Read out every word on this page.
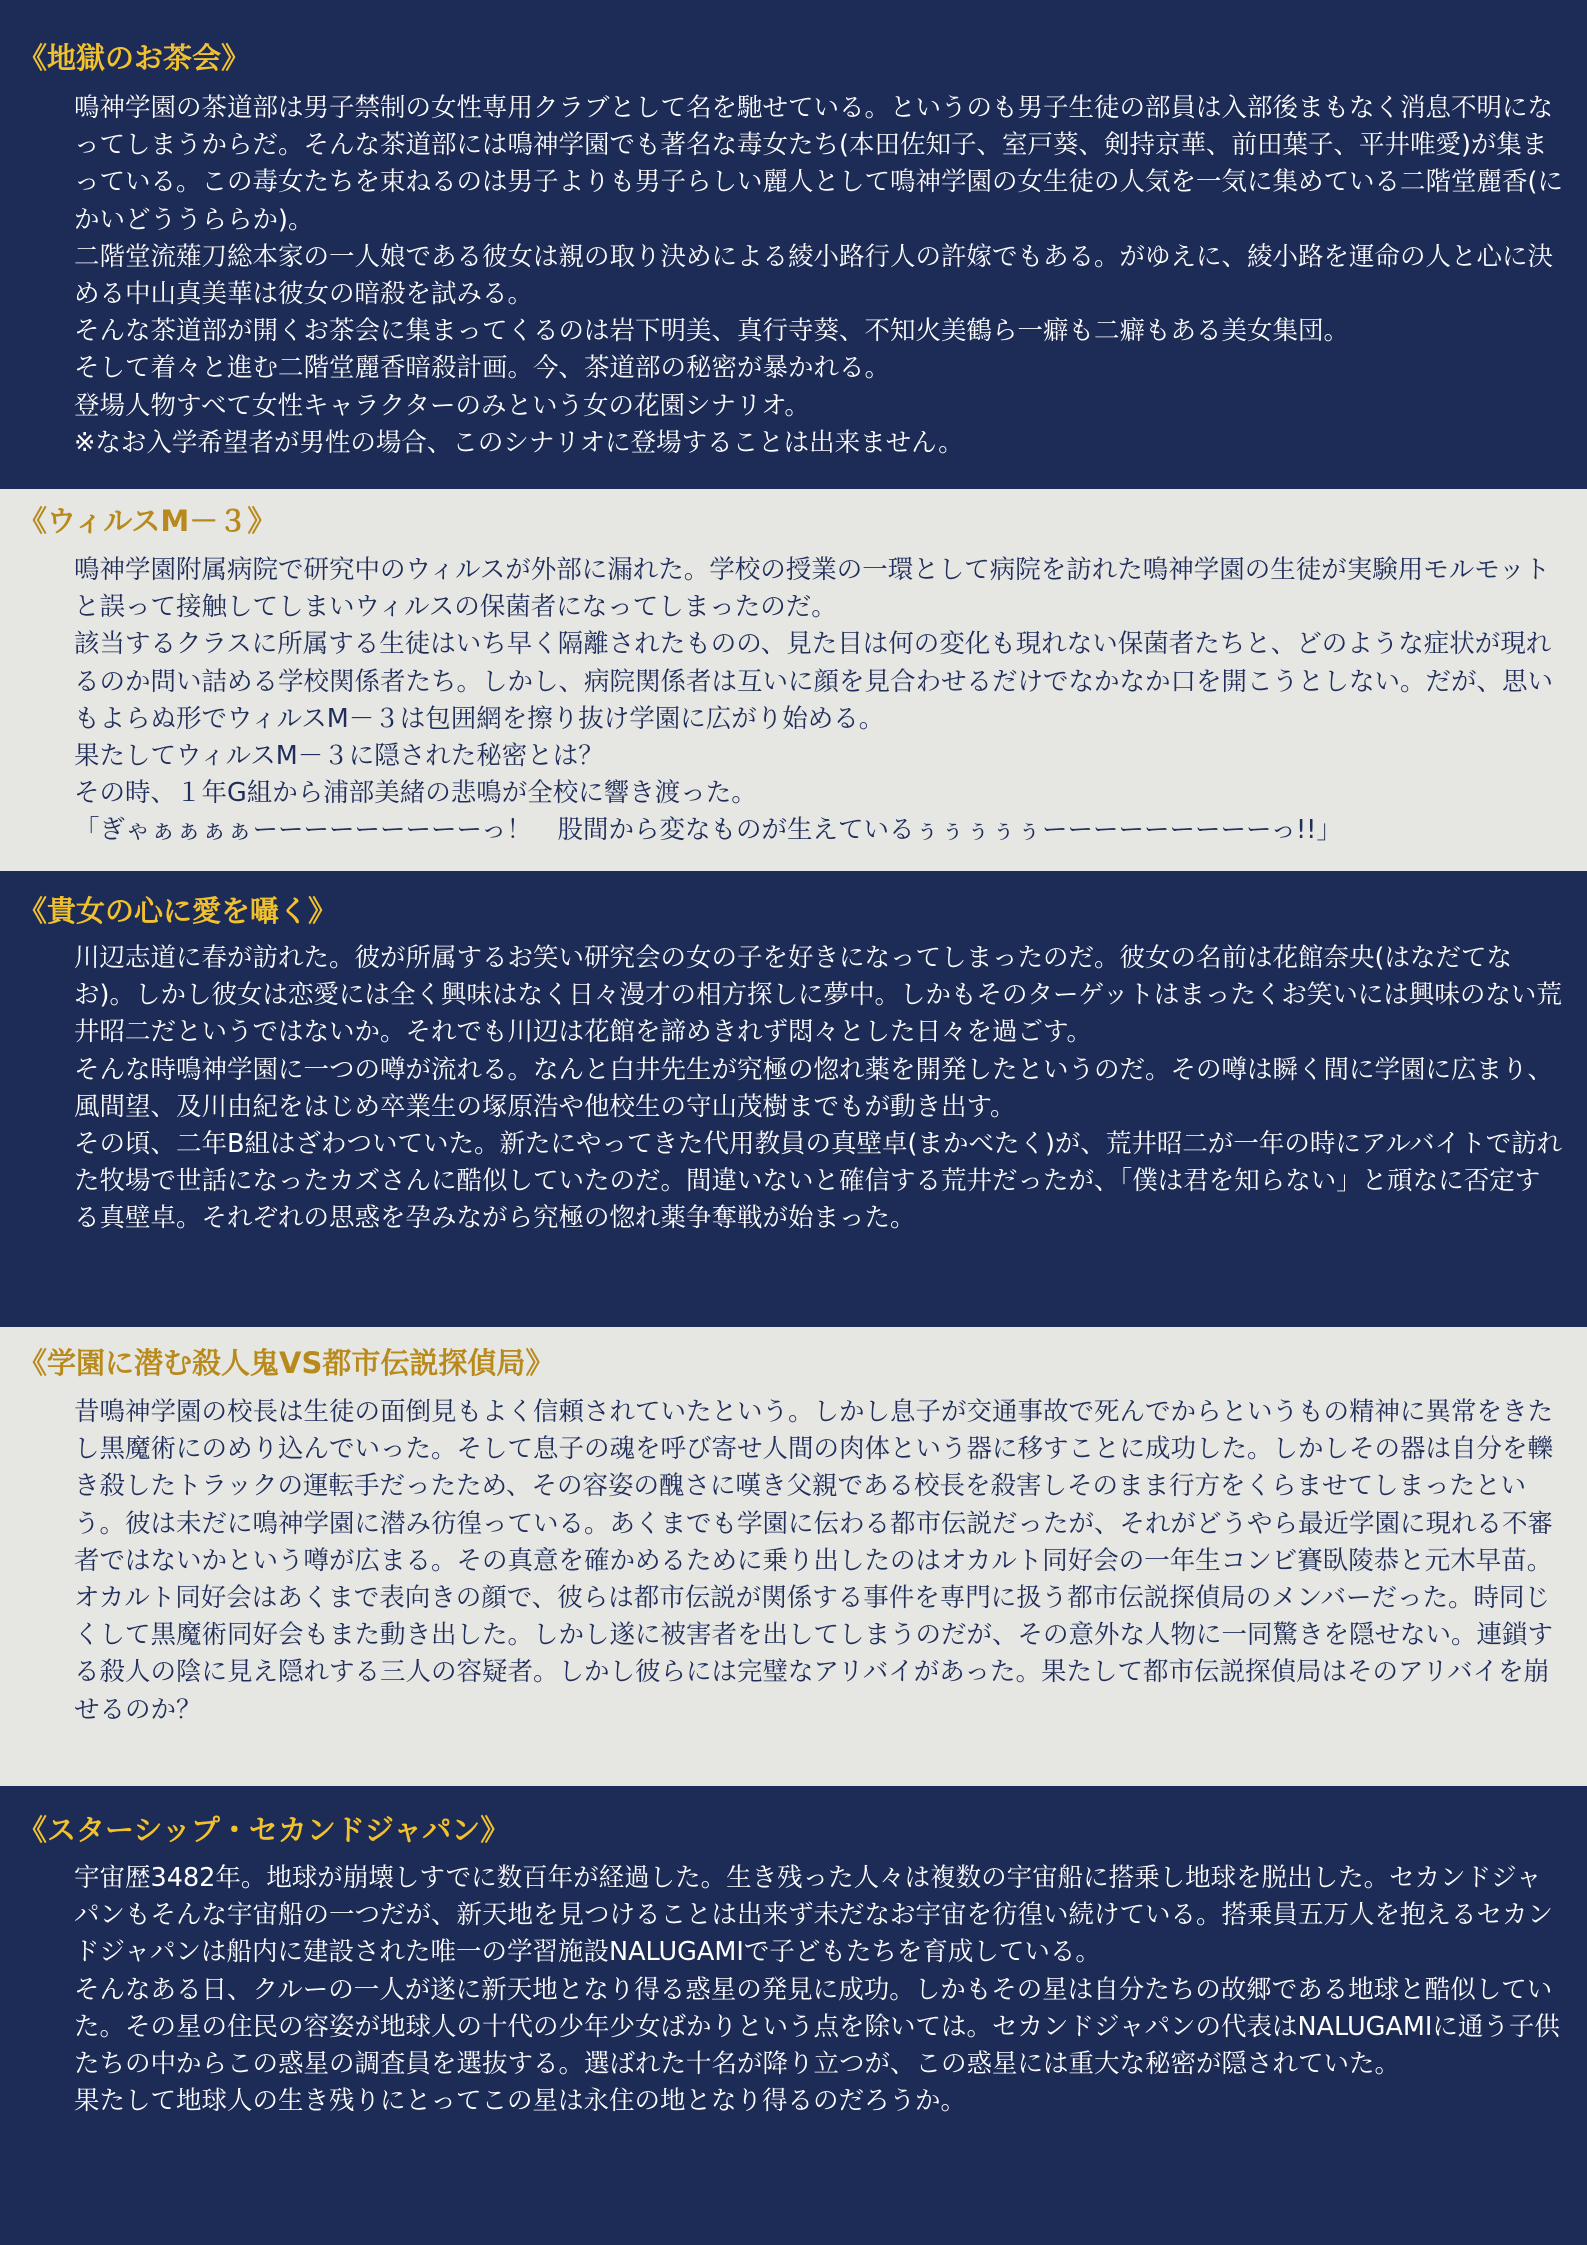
《地獄のお茶会》

鳴神学園の茶道部は男子禁制の女性専用クラブとして名を馳せている。というのも男子生徒の部員は入部後まもなく消息不明になってしまうからだ。そんな茶道部には鳴神学園でも著名な毒女たち(本田佐知子、室戸葵、剣持京華、前田葉子、平井唯愛)が集まっている。この毒女たちを束ねるのは男子よりも男子らしい麗人として鳴神学園の女生徒の人気を一気に集めている二階堂麗香(にかいどううららか)。

二階堂流薙刀総本家の一人娘である彼女は親の取り決めによる綾小路行人の許嫁でもある。がゆえに、綾小路を運命の人と心に決める中山真美華は彼女の暗殺を試みる。

そんな茶道部が開くお茶会に集まってくるのは岩下明美、真行寺葵、不知火美鶴ら一癖も二癖もある美女集団。

そして着々と進む二階堂麗香暗殺計画。今、茶道部の秘密が暴かれる。

登場人物すべて女性キャラクターのみという女の花園シナリオ。

※なお入学希望者が男性の場合、このシナリオに登場することは出来ません。

《ウィルスM－３》

鳴神学園附属病院で研究中のウィルスが外部に漏れた。学校の授業の一環として病院を訪れた鳴神学園の生徒が実験用モルモットと誤って接触してしまいウィルスの保菌者になってしまったのだ。

該当するクラスに所属する生徒はいち早く隔離されたものの、見た目は何の変化も現れない保菌者たちと、どのような症状が現れるのか問い詰める学校関係者たち。しかし、病院関係者は互いに顔を見合わせるだけでなかなか口を開こうとしない。だが、思いもよらぬ形でウィルスM－３は包囲網を擦り抜け学園に広がり始める。

果たしてウィルスM－３に隠された秘密とは？

その時、１年G組から浦部美緒の悲鳴が全校に響き渡った。

「ぎゃぁぁぁぁーーーーーーーーーっ！　股間から変なものが生えているぅぅぅぅぅーーーーーーーーーっ!!」

《貴女の心に愛を囁く》

川辺志道に春が訪れた。彼が所属するお笑い研究会の女の子を好きになってしまったのだ。彼女の名前は花館奈央(はなだてなお)。しかし彼女は恋愛には全く興味はなく日々漫才の相方探しに夢中。しかもそのターゲットはまったくお笑いには興味のない荒井昭二だというではないか。それでも川辺は花館を諦めきれず悶々とした日々を過ごす。

そんな時鳴神学園に一つの噂が流れる。なんと白井先生が究極の惚れ薬を開発したというのだ。その噂は瞬く間に学園に広まり、風間望、及川由紀をはじめ卒業生の塚原浩や他校生の守山茂樹までもが動き出す。

その頃、二年B組はざわついていた。新たにやってきた代用教員の真壁卓(まかべたく)が、荒井昭二が一年の時にアルバイトで訪れた牧場で世話になったカズさんに酷似していたのだ。間違いないと確信する荒井だったが、「僕は君を知らない」と頑なに否定する真壁卓。それぞれの思惑を孕みながら究極の惚れ薬争奪戦が始まった。

《学園に潜む殺人鬼VS都市伝説探偵局》

昔鳴神学園の校長は生徒の面倒見もよく信頼されていたという。しかし息子が交通事故で死んでからというもの精神に異常をきたし黒魔術にのめり込んでいった。そして息子の魂を呼び寄せ人間の肉体という器に移すことに成功した。しかしその器は自分を轢き殺したトラックの運転手だったため、その容姿の醜さに嘆き父親である校長を殺害しそのまま行方をくらませてしまったという。彼は未だに鳴神学園に潜み彷徨っている。あくまでも学園に伝わる都市伝説だったが、それがどうやら最近学園に現れる不審者ではないかという噂が広まる。その真意を確かめるために乗り出したのはオカルト同好会の一年生コンビ賽臥陵恭と元木早苗。オカルト同好会はあくまで表向きの顔で、彼らは都市伝説が関係する事件を専門に扱う都市伝説探偵局のメンバーだった。時同じくして黒魔術同好会もまた動き出した。しかし遂に被害者を出してしまうのだが、その意外な人物に一同驚きを隠せない。連鎖する殺人の陰に見え隠れする三人の容疑者。しかし彼らには完璧なアリバイがあった。果たして都市伝説探偵局はそのアリバイを崩せるのか？

《スターシップ・セカンドジャパン》

宇宙歴3482年。地球が崩壊しすでに数百年が経過した。生き残った人々は複数の宇宙船に搭乗し地球を脱出した。セカンドジャパンもそんな宇宙船の一つだが、新天地を見つけることは出来ず未だなお宇宙を彷徨い続けている。搭乗員五万人を抱えるセカンドジャパンは船内に建設された唯一の学習施設NALUGAMIで子どもたちを育成している。

そんなある日、クルーの一人が遂に新天地となり得る惑星の発見に成功。しかもその星は自分たちの故郷である地球と酷似していた。その星の住民の容姿が地球人の十代の少年少女ばかりという点を除いては。セカンドジャパンの代表はNALUGAMIに通う子供たちの中からこの惑星の調査員を選抜する。選ばれた十名が降り立つが、この惑星には重大な秘密が隠されていた。

果たして地球人の生き残りにとってこの星は永住の地となり得るのだろうか。
